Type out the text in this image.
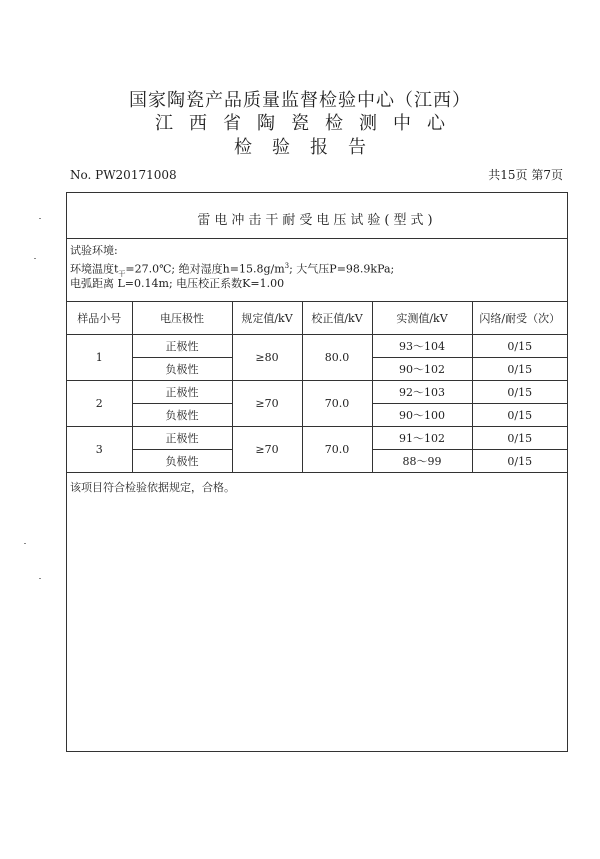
国家陶瓷产品质量监督检验中心（江西）
江西省陶瓷检测中心
检验报告
No. PW20171008	共15页 第7页
雷电冲击干耐受电压试验(型式)
试验环境:
环境温度$t_干=27.0℃$; 绝对湿度$h=15.8g/m^3$; 大气压P=98.9kPa;
电弧距离 L=0.14m; 电压校正系数K=1.00
样品小号	电压极性	规定值/kV	校正值/kV	实测值/kV	闪络/耐受（次）
1	正极性	≥80	80.0	93～104	0/15
	负极性			90～102	0/15
2	正极性	≥70	70.0	92～103	0/15
	负极性			90～100	0/15
3	正极性	≥70	70.0	91～102	0/15
	负极性			88～99	0/15
该项目符合检验依据规定，合格。
